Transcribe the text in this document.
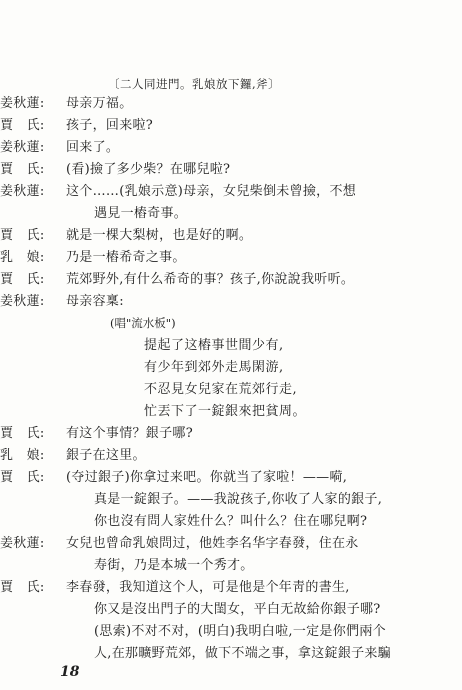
〔二人同进門。乳娘放下鑼,斧〕
姜秋蓮:	母亲万福。
賈　氏:	孩子，回来啦?
姜秋蓮:	回来了。
賈　氏:	(看)撿了多少柴？在哪兒啦?
姜秋蓮:	这个……(乳娘示意)母亲，女兒柴倒未曾撿，不想
遇見一樁奇事。
賈　氏:	就是一棵大梨树，也是好的啊。
乳　娘:	乃是一樁希奇之事。
賈　氏:	荒郊野外,有什么希奇的事？孩子,你說說我听听。
姜秋蓮:	母亲容稟:
(唱"流水板")
提起了这樁事世間少有,
有少年到郊外走馬閑游,
不忍見女兒家在荒郊行走,
忙丟下了一錠銀來把貧周。
賈　氏:	有这个事情？銀子哪?
乳　娘:	銀子在这里。
賈　氏:	(夺过銀子)你拿过来吧。你就当了家啦！——嗬,
真是一錠銀子。——我說孩子,你收了人家的銀子,
你也沒有問人家姓什么？叫什么？住在哪兒啊?
姜秋蓮:	女兒也曾命乳娘問过，他姓李名华字春發，住在永
寿街，乃是本城一个秀才。
18
賈　氏:	李春發，我知道这个人，可是他是个年靑的書生,
你又是沒出門子的大閨女，平白无故給你銀子哪?
(思索)不对不对，(明白)我明白啦,一定是你們兩个
人,在那曠野荒郊，做下不端之事，拿这錠銀子来騙
